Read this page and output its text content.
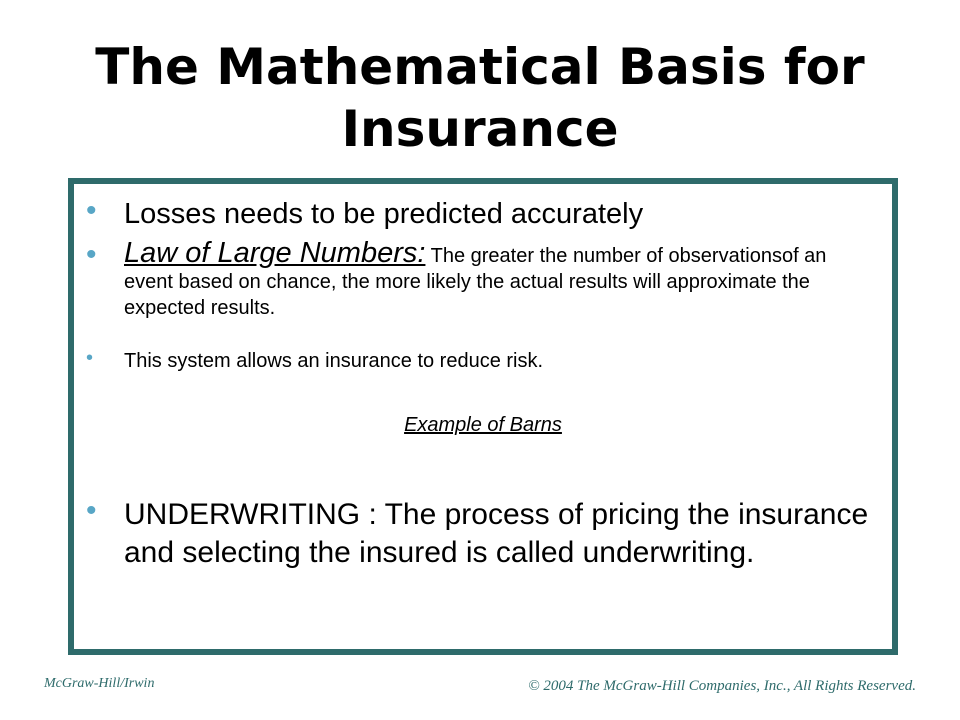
The Mathematical Basis for Insurance
• Losses needs to be predicted accurately
• Law of Large Numbers: The greater the number of observationsof an event based on chance, the more likely the actual results will approximate the expected results.
•	This system allows an insurance to reduce risk.
Example of Barns
• UNDERWRITING : The process of pricing the insurance and selecting the insured is called underwriting.
McGraw-Hill/Irwin	© 2004 The McGraw-Hill Companies, Inc., All Rights Reserved.
